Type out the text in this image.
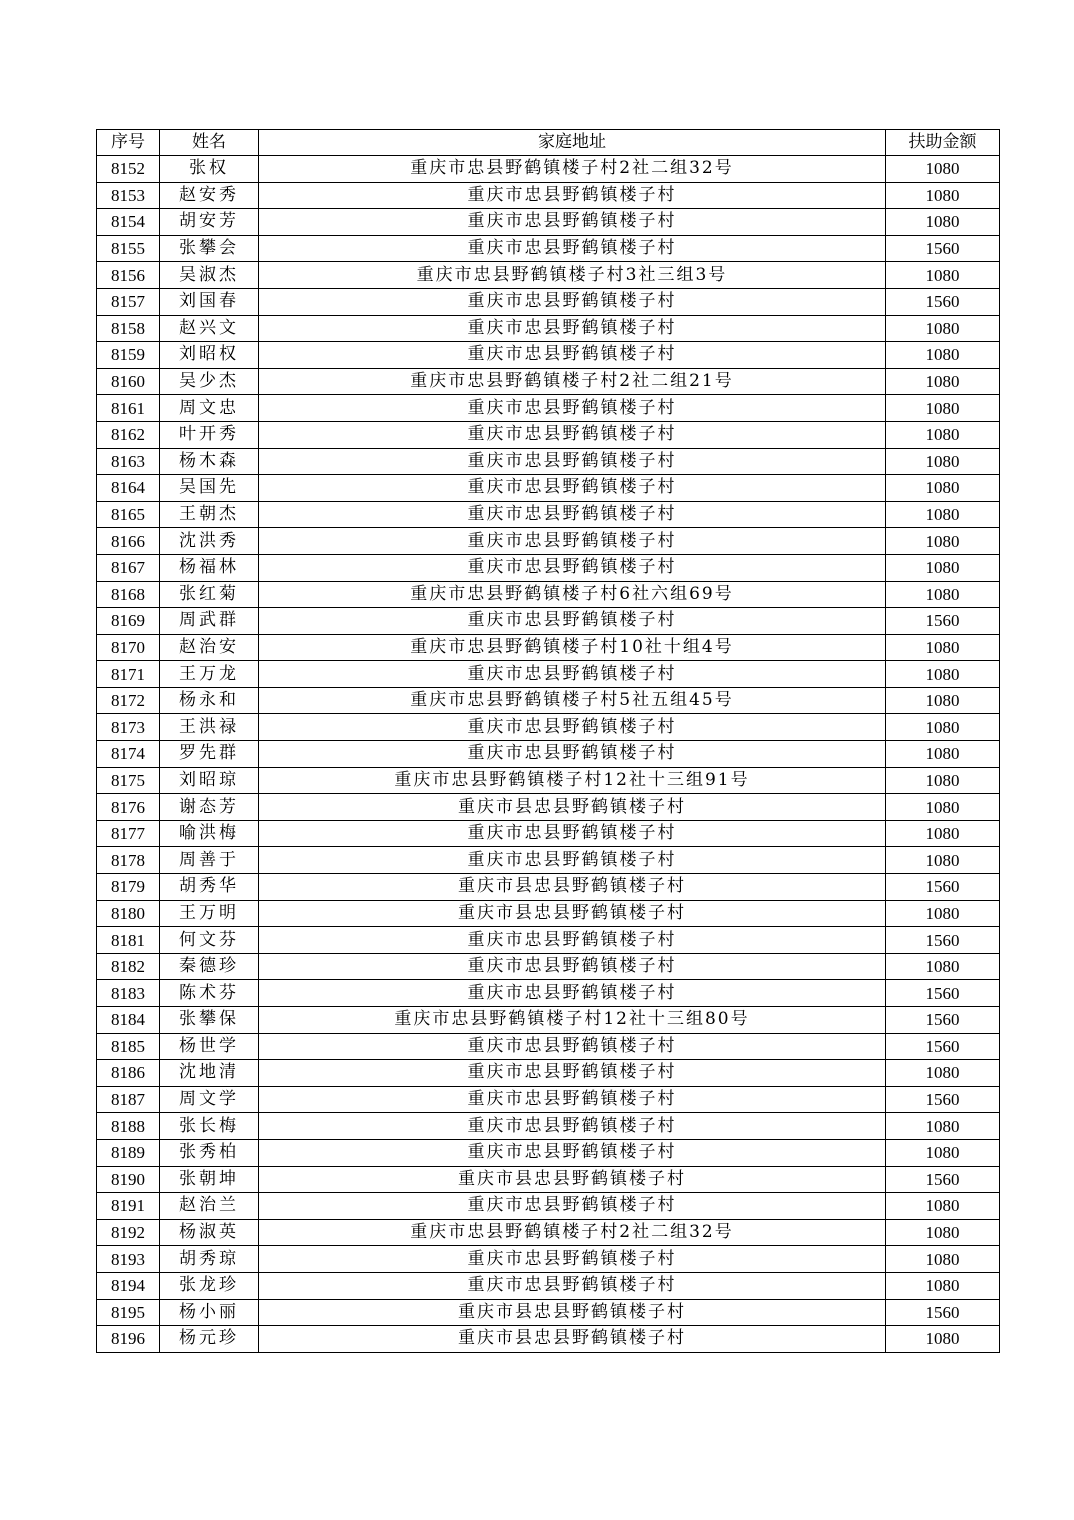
序号	姓名	家庭地址	扶助金额
8152	张权	重庆市忠县野鹤镇楼子村2社二组32号	1080
8153	赵安秀	重庆市忠县野鹤镇楼子村	1080
8154	胡安芳	重庆市忠县野鹤镇楼子村	1080
8155	张攀会	重庆市忠县野鹤镇楼子村	1560
8156	吴淑杰	重庆市忠县野鹤镇楼子村3社三组3号	1080
8157	刘国春	重庆市忠县野鹤镇楼子村	1560
8158	赵兴文	重庆市忠县野鹤镇楼子村	1080
8159	刘昭权	重庆市忠县野鹤镇楼子村	1080
8160	吴少杰	重庆市忠县野鹤镇楼子村2社二组21号	1080
8161	周文忠	重庆市忠县野鹤镇楼子村	1080
8162	叶开秀	重庆市忠县野鹤镇楼子村	1080
8163	杨木森	重庆市忠县野鹤镇楼子村	1080
8164	吴国先	重庆市忠县野鹤镇楼子村	1080
8165	王朝杰	重庆市忠县野鹤镇楼子村	1080
8166	沈洪秀	重庆市忠县野鹤镇楼子村	1080
8167	杨福林	重庆市忠县野鹤镇楼子村	1080
8168	张红菊	重庆市忠县野鹤镇楼子村6社六组69号	1080
8169	周武群	重庆市忠县野鹤镇楼子村	1560
8170	赵治安	重庆市忠县野鹤镇楼子村10社十组4号	1080
8171	王万龙	重庆市忠县野鹤镇楼子村	1080
8172	杨永和	重庆市忠县野鹤镇楼子村5社五组45号	1080
8173	王洪禄	重庆市忠县野鹤镇楼子村	1080
8174	罗先群	重庆市忠县野鹤镇楼子村	1080
8175	刘昭琼	重庆市忠县野鹤镇楼子村12社十三组91号	1080
8176	谢态芳	重庆市县忠县野鹤镇楼子村	1080
8177	喻洪梅	重庆市忠县野鹤镇楼子村	1080
8178	周善于	重庆市忠县野鹤镇楼子村	1080
8179	胡秀华	重庆市县忠县野鹤镇楼子村	1560
8180	王万明	重庆市县忠县野鹤镇楼子村	1080
8181	何文芬	重庆市忠县野鹤镇楼子村	1560
8182	秦德珍	重庆市忠县野鹤镇楼子村	1080
8183	陈术芬	重庆市忠县野鹤镇楼子村	1560
8184	张攀保	重庆市忠县野鹤镇楼子村12社十三组80号	1560
8185	杨世学	重庆市忠县野鹤镇楼子村	1560
8186	沈地清	重庆市忠县野鹤镇楼子村	1080
8187	周文学	重庆市忠县野鹤镇楼子村	1560
8188	张长梅	重庆市忠县野鹤镇楼子村	1080
8189	张秀柏	重庆市忠县野鹤镇楼子村	1080
8190	张朝坤	重庆市县忠县野鹤镇楼子村	1560
8191	赵治兰	重庆市忠县野鹤镇楼子村	1080
8192	杨淑英	重庆市忠县野鹤镇楼子村2社二组32号	1080
8193	胡秀琼	重庆市忠县野鹤镇楼子村	1080
8194	张龙珍	重庆市忠县野鹤镇楼子村	1080
8195	杨小丽	重庆市县忠县野鹤镇楼子村	1560
8196	杨元珍	重庆市县忠县野鹤镇楼子村	1080
